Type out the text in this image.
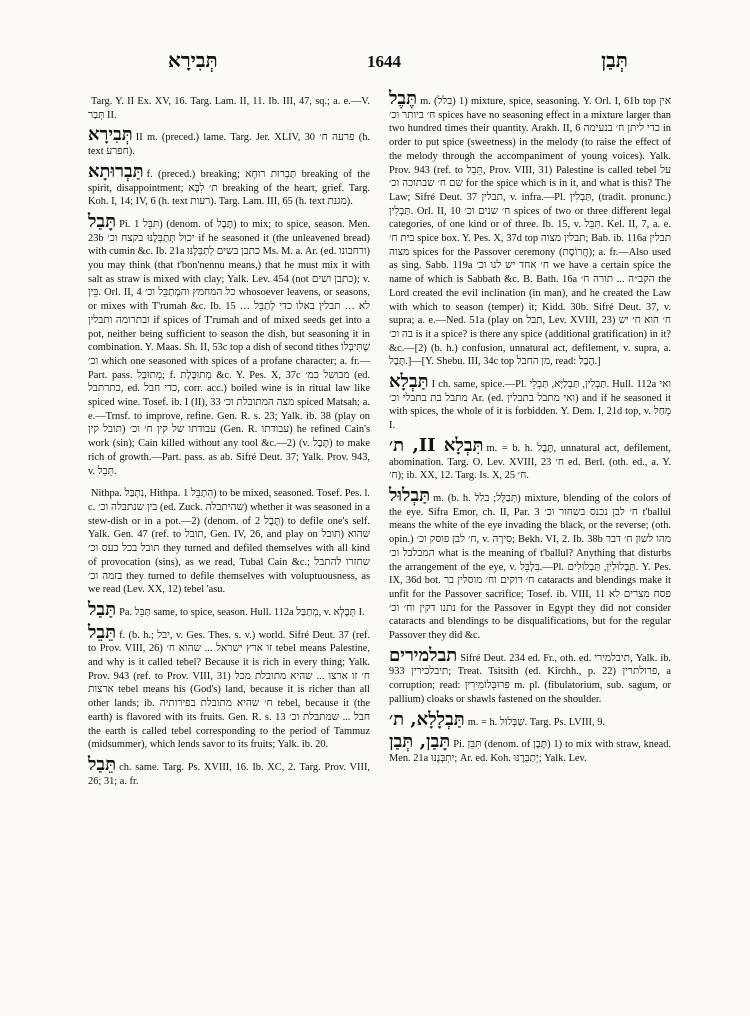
תְּבִירָא	1644	תְּבַן
Targ. Y. II Ex. XV, 16. Targ. Lam. II, 11. Ib. III, 47, sq.; a. e.—V. תְּבַר II.
תְּבִירָא II m. (preced.) lame. Targ. Jer. XLIV, 30 פרעה ח׳ (h. text חפרע).
תַּבְרוּתָא f. (preced.) breaking; תַּבְרוּת רוּחָא breaking of the spirit, disappointment; ת׳ לִבָּא breaking of the heart, grief. Targ. Koh. I, 14; IV, 6 (h. text רעות). Targ. Lam. III, 65 (h. text מגנת).
תָּבַל Pi. תִּבֵּל 1) (denom. of תֶּבֶל) to mix; to spice, season. Men. 23b יכול תְּתַבְּלֶנּוּ בקצח וכ׳ if he seasoned it (the unleavened bread) with cumin &c. Ib. 21a כתבן בשים לְתַבְּלֶנּוּ Ms. M. a. Ar. (ed. ורחבונו) you may think (that t'bon'nennu means,) that he must mix it with salt as straw is mixed with clay; Yalk. Lev. 454 (not כתבן ושים); v. בֵּין. Orl. II, 4 כל המחמץ והמְתַבֵּל וכ׳ whosoever leavens, or seasons, or mixes with T'rumah &c. Ib. 15 לא … תבלין באלו כדי לְתַבֵּל … ובתרומה ותבלין if spices of T'rumah and of mixed seeds get into a pot, neither being sufficient to season the dish, but seasoning it in combination. Y. Maas. Sh. II, 53c top a dish of second tithes שֶׁתִּיבְּלוֹ וכ׳ which one seasoned with spices of a profane character; a. fr.—Part. pass. מְתוּבָּל; f. מְתוּבֶּלֶת &c. Y. Pes. X, 37c מבושל כמ׳ (ed. כתרתבל, ed. כדי חבל, corr. acc.) boiled wine is in ritual law like spiced wine. Tosef. ib. I (II), 33 מצה המתובלת וכ׳ spiced Matsah; a. e.—Trnsf. to improve, refine. Gen. R. s. 23; Yalk. ib. 38 (play on תובל קין) עבודתו של קין ח׳ וכ׳ (Gen. R. עבודתו) he refined Cain's work (sin); Cain killed without any tool &c.—2) (v. תֶּבֶל) to make rich of growth.—Part. pass. as ab. Sifré Deut. 37; Yalk. Prov. 943, v. תֵּבֵל.
Nithpa. נִתְבַּל, Hithpa. הִתַבֵּל 1) to be mixed, seasoned. Tosef. Pes. l. c. בין שנתבלה וכ׳ (ed. Zuck. שהיתבלה) whether it was seasoned in a stew-dish or in a pot.—2) (denom. of תֶּבֶל 2) to defile one's self. Yalk. Gen. 47 (ref. to תובל, Gen. IV, 26, and play on תובל) שהוא תובל בכל כעס וכ׳ they turned and defiled themselves with all kind of provocation (sins), as we read, Tubal Cain &c.; שחזרו להתבל בזמה וכ׳ they turned to defile themselves with voluptuousness, as we read (Lev. XX, 12) tebel 'asu.
תַּבַל Pa. תַּבֵּל same, to spice, season. Hull. 112a מְתַבַּל, v. תְּבָלְא I.
תֵּבֵל f. (b. h.; יבל, v. Ges. Thes. s. v.) world. Sifré Deut. 37 (ref. to Prov. VIII, 26) זו ארץ ישראל ... שהוא ח׳ tebel means Palestine, and why is it called tebel? Because it is rich in every thing; Yalk. Prov. 943 (ref. to Prov. VIII, 31) ח׳ זו ארצו ... שהיא מתובלת מכל ארצות tebel means his (God's) land, because it is richer than all other lands; ib. ח׳ שהיא מתובלת בפירותיה tebel, because it (the earth) is flavored with its fruits. Gen. R. s. 13 חבל ... שמתבלת וכ׳ the earth is called tebel corresponding to the period of Tammuz (midsummer), which lends savor to its fruits; Yalk. ib. 20.
תֵּבַל ch. same. Targ. Ps. XVIII, 16. Ib. XC, 2. Targ. Prov. VIII, 26; 31; a. fr.
תֶּבֶל m. (בלל) 1) mixture, spice, seasoning. Y. Orl. I, 61b top אין ח׳ ביותר וכ׳ spices have no seasoning effect in a mixture larger than two hundred times their quantity. Arakh. II, 6 כדי ליתן ח׳ בנעימה in order to put spice (sweetness) in the melody (to raise the effect of the melody through the accompaniment of young voices). Yalk. Prov. 943 (ref. to תֵּבֵל, Prov. VIII, 31) Palestine is called tebel על שם ח׳ שבתוכה וכ׳ for the spice which is in it, and what is this? The Law; Sifré Deut. 37 תבלין, v. infra.—Pl. תַּבְלִין, (tradit. pronunc.) תַּבְלִין. Orl. II, 10 ח׳ שנים וכ׳ spices of two or three different legal categories, of one kind or of three. Ib. 15, v. תִּבֵּל. Kel. II, 7, a. e. בית ח׳ spice box. Y. Pes. X, 37d top תבלין מצוה; Bab. ib. 116a תבלין מצוה spices for the Passover ceremony (חֲרוֹסֶת); a. fr.—Also used as sing. Sabb. 119a ח׳ אחד יש לנו וכ׳ we have a certain spice the name of which is Sabbath &c. B. Bath. 16a הקב״ה ... תורה ח׳ the Lord created the evil inclination (in man), and he created the Law with which to season (temper) it; Kidd. 30b. Sifré Deut. 37, v. supra; a. e.—Ned. 51a (play on תבל, Lev. XVIII, 23) ח׳ הוא ח׳ יש בה וכ׳ is it a spice? is there any spice (additional gratification) in it? &c.—[2) (b. h.) confusion, unnatural act, defilement, v. supra, a. תֶּבֶל.]—[Y. Shebu. III, 34c top מן החבל, read: הֶבֶל.]
תַּבְלָא I ch. same, spice.—Pl. תַּבְלִין, תַּבְלַיָּא, תַּבְלֵי. Hull. 112a ואי מתבל בת בתבלי וכ׳ Ar. (ed. ואי מתבל בתבלין) and if he seasoned it with spices, the whole of it is forbidden. Y. Dem. I, 21d top, v. מְחַל I.
תִּבְלָא II, ת׳ m. = b. h. תֶּבֶל, unnatural act, defilement, abomination. Targ. O. Lev. XVIII, 23 ח׳ ed. Berl. (oth. ed., a. Y. ח׳); ib. XX, 12. Targ. Is. X, 25 ח׳.
תַּבְלוּל m. (b. h. תְּבַלֻּל; בלל) mixture, blending of the colors of the eye. Sifra Emor, ch. II, Par. 3 ח׳ לבן נכנס בשחור וכ׳ t'ballul means the white of the eye invading the black, or the reverse; (oth. opin.) ח׳ לבן פוסק וכ׳, v. סִירָה; Bekh. VI, 2. Ib. 38b מהו לשון ח׳ דבר המבלבל וכ׳ what is the meaning of t'ballul? Anything that disturbs the arrangement of the eye, v. בִּלְבֵּל.—Pl. תַּבְלוּלִין, תַּבְלוּלִים. Y. Pes. IX, 36d bot. ח׳ דוקים וח׳ מוסלין בר cataracts and blendings make it unfit for the Passover sacrifice; Tosef. ib. VIII, 11 פסח מצרים לא נתנו דקין וח׳ וכ׳ for the Passover in Egypt they did not consider cataracts and blendings to be disqualifications, but for the regular Passover they did &c.
תבלמירים Sifré Deut. 234 ed. Fr., oth. ed. תיבלמירי, Yalk. ib. 933 תיבלכירין; Treat. Tsitsith (ed. Kirchh., p. 22) פרולתרין, a corruption; read: פִּרוּבְּלוֹמִירִין m. pl. (fibulatorium, sub. sagum, or pallium) cloaks or shawls fastened on the shoulder.
תַּבְלָלָא, ת׳ m. = h. שַׁבְּלוּל. Targ. Ps. LVIII, 9.
תָּבַן, תְּבַן Pi. תִּבֵּן (denom. of תֶּבֶן) 1) to mix with straw, knead. Men. 21a יִתְבְּנֶנּוּ; Ar. ed. Koh. יְתַבְּרֶנּוּ; Yalk. Lev.
